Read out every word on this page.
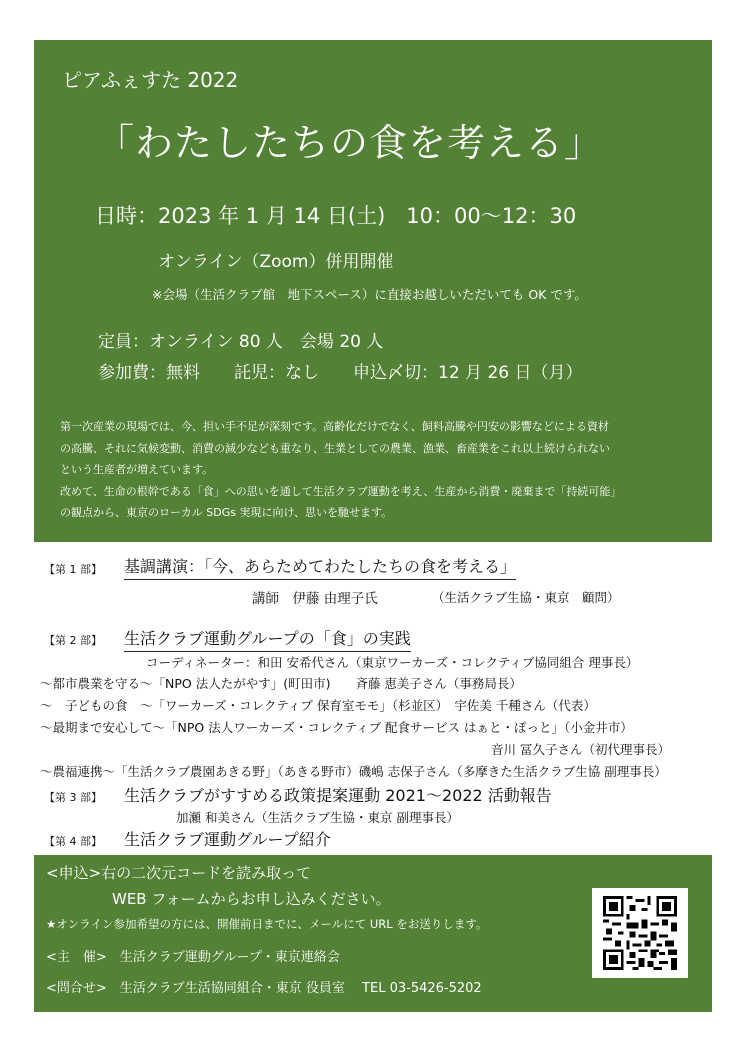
ピアふぇすた 2022
「わたしたちの食を考える」
日時：2023 年 1 月 14 日(土)　10：00～12：30
オンライン（Zoom）併用開催
※会場（生活クラブ館　地下スペース）に直接お越しいただいても OK です。
定員：オンライン 80 人　会場 20 人
参加費：無料　　託児：なし　　申込〆切：12 月 26 日（月）

第一次産業の現場では、今、担い手不足が深刻です。高齢化だけでなく、飼料高騰や円安の影響などによる資材

の高騰、それに気候変動、消費の減少なども重なり、生業としての農業、漁業、畜産業をこれ以上続けられない

という生産者が増えています。

改めて、生命の根幹である「食」への思いを通して生活クラブ運動を考え、生産から消費・廃棄まで「持続可能」

の観点から、東京のローカル SDGs 実現に向け、思いを馳せます。

【第 1 部】 基調講演：「今、あらためてわたしたちの食を考える」
講師　伊藤 由理子氏	（生活クラブ生協・東京　顧問）
【第 2 部】 生活クラブ運動グループの「食」の実践
コーディネーター：和田 安希代さん（東京ワーカーズ・コレクティブ協同組合 理事長）
～都市農業を守る～「NPO 法人たがやす」(町田市)　　斉藤 恵美子さん（事務局長）
～　子どもの食　～「ワーカーズ・コレクティブ 保育室モモ」（杉並区）　宇佐美 千種さん（代表）
～最期まで安心して～「NPO 法人ワーカーズ・コレクティブ 配食サービス はぁと・ぽっと」（小金井市）
音川 冨久子さん（初代理事長）
～農福連携～「生活クラブ農園あきる野」（あきる野市）磯嶋 志保子さん（多摩きた生活クラブ生協 副理事長）
【第 3 部】 生活クラブがすすめる政策提案運動 2021～2022 活動報告
加瀬 和美さん（生活クラブ生協・東京 副理事長）
【第 4 部】 生活クラブ運動グループ紹介
<申込>右の二次元コードを読み取って
WEB フォームからお申し込みください。
★オンライン参加希望の方には、開催前日までに、メールにて URL をお送りします。
<主　催>　生活クラブ運動グループ・東京連絡会
<問合せ>　生活クラブ生活協同組合・東京 役員室　 TEL 03-5426-5202
